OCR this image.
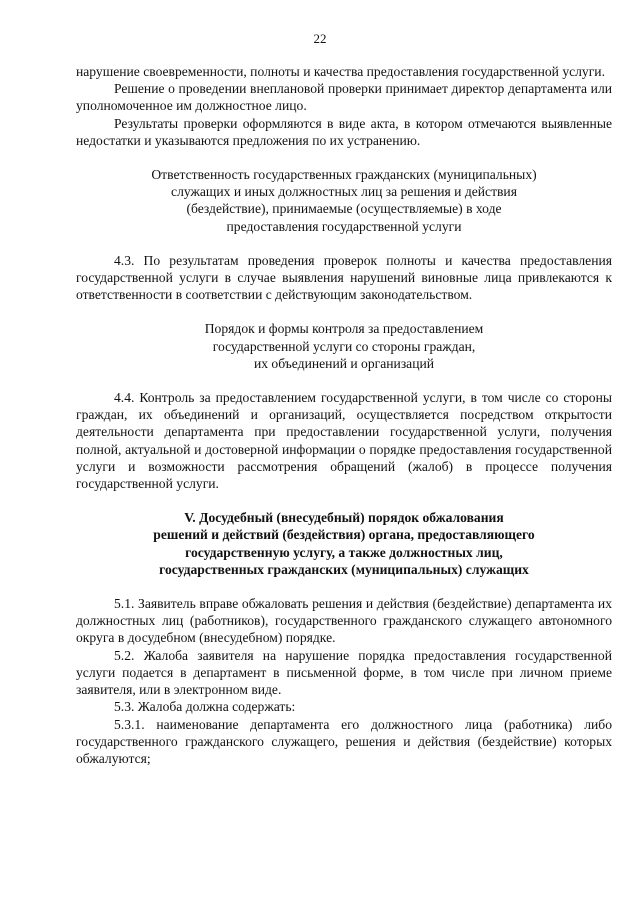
22

нарушение своевременности, полноты и качества предоставления государственной услуги.

Решение о проведении внеплановой проверки принимает директор департамента или уполномоченное им должностное лицо.

Результаты проверки оформляются в виде акта, в котором отмечаются выявленные недостатки и указываются предложения по их устранению.

Ответственность государственных гражданских (муниципальных)
служащих и иных должностных лиц за решения и действия
(бездействие), принимаемые (осуществляемые) в ходе
предоставления государственной услуги

4.3. По результатам проведения проверок полноты и качества предоставления государственной услуги в случае выявления нарушений виновные лица привлекаются к ответственности в соответствии с действующим законодательством.

Порядок и формы контроля за предоставлением
государственной услуги со стороны граждан,
их объединений и организаций

4.4. Контроль за предоставлением государственной услуги, в том числе со стороны граждан, их объединений и организаций, осуществляется посредством открытости деятельности департамента при предоставлении государственной услуги, получения полной, актуальной и достоверной информации о порядке предоставления государственной услуги и возможности рассмотрения обращений (жалоб) в процессе получения государственной услуги.

V. Досудебный (внесудебный) порядок обжалования
решений и действий (бездействия) органа, предоставляющего
государственную услугу, а также должностных лиц,
государственных гражданских (муниципальных) служащих

5.1. Заявитель вправе обжаловать решения и действия (бездействие) департамента их должностных лиц (работников), государственного гражданского служащего автономного округа в досудебном (внесудебном) порядке.

5.2. Жалоба заявителя на нарушение порядка предоставления государственной услуги подается в департамент в письменной форме, в том числе при личном приеме заявителя, или в электронном виде.

5.3. Жалоба должна содержать:

5.3.1. наименование департамента его должностного лица (работника) либо государственного гражданского служащего, решения и действия (бездействие) которых обжалуются;
